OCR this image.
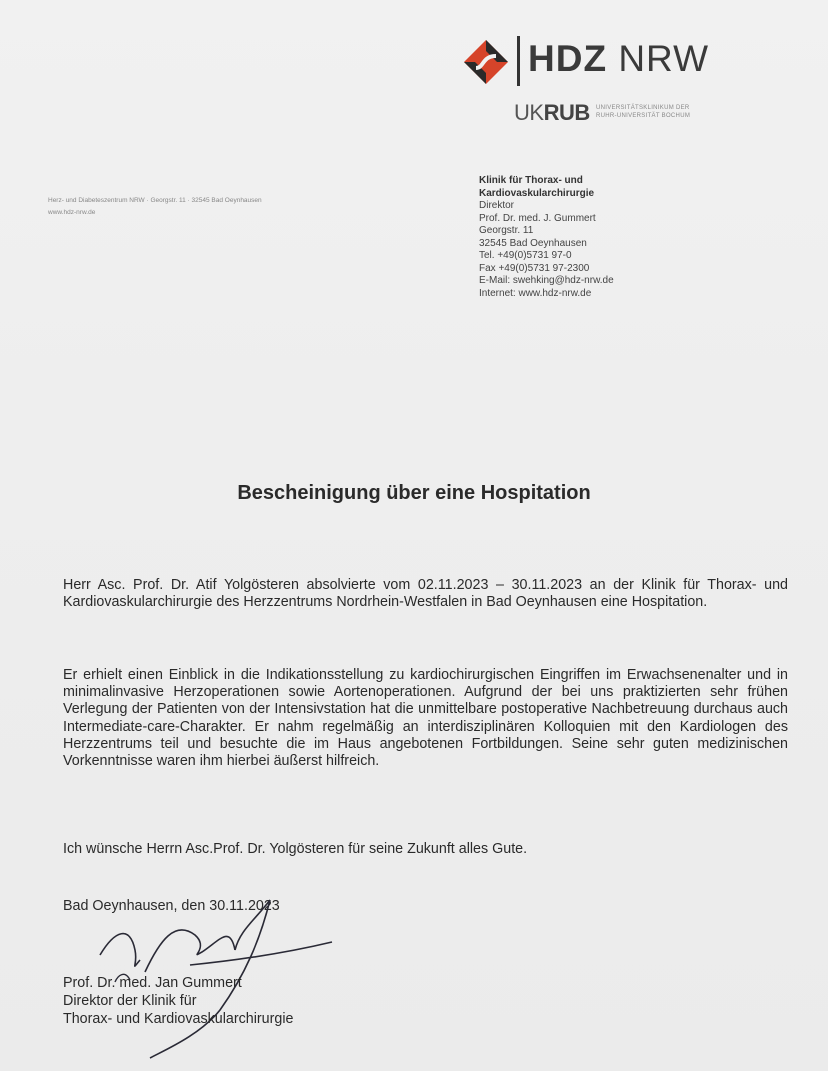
HDZ NRW
UKRUB UNIVERSITÄTSKLINIKUM DER
RUHR-UNIVERSITÄT BOCHUM
Herz- und Diabeteszentrum NRW · Georgstr. 11 · 32545 Bad Oeynhausen
www.hdz-nrw.de
Klinik für Thorax- und
Kardiovaskularchirurgie
Direktor
Prof. Dr. med. J. Gummert
Georgstr. 11
32545 Bad Oeynhausen
Tel. +49(0)5731 97-0
Fax +49(0)5731 97-2300
E-Mail: swehking@hdz-nrw.de
Internet: www.hdz-nrw.de
Bescheinigung über eine Hospitation
Herr Asc. Prof. Dr. Atif Yolgösteren absolvierte vom 02.11.2023 – 30.11.2023 an der Klinik für Thorax- und Kardiovaskularchirurgie des Herzzentrums Nordrhein-Westfalen in Bad Oeynhausen eine Hospitation.
Er erhielt einen Einblick in die Indikationsstellung zu kardiochirurgischen Eingriffen im Erwachsenenalter und in minimalinvasive Herzoperationen sowie Aortenoperationen. Aufgrund der bei uns praktizierten sehr frühen Verlegung der Patienten von der Intensivstation hat die unmittelbare postoperative Nachbetreuung durchaus auch Intermediate-care-Charakter. Er nahm regelmäßig an interdisziplinären Kolloquien mit den Kardiologen des Herzzentrums teil und besuchte die im Haus angebotenen Fortbildungen. Seine sehr guten medizinischen Vorkenntnisse waren ihm hierbei äußerst hilfreich.
Ich wünsche Herrn Asc.Prof. Dr. Yolgösteren für seine Zukunft alles Gute.
Bad Oeynhausen, den 30.11.2023
Prof. Dr. med. Jan Gummert
Direktor der Klinik für
Thorax- und Kardiovaskularchirurgie
